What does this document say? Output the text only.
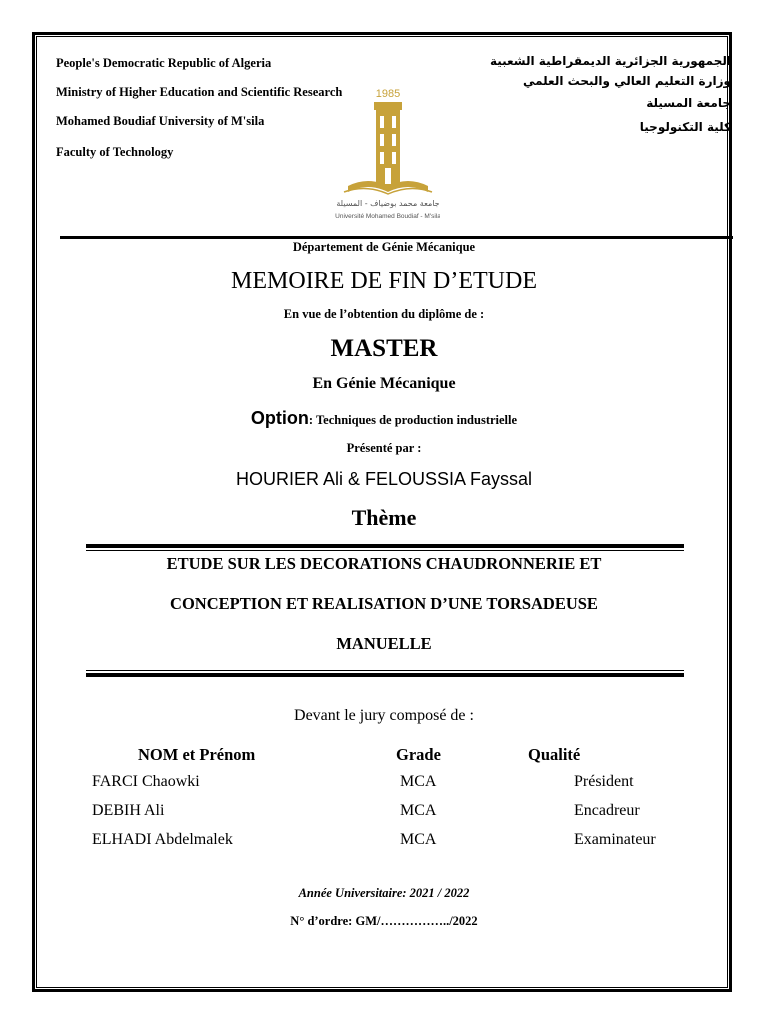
People's Democratic Republic of Algeria
Ministry of Higher Education and Scientific Research
Mohamed Boudiaf University of M'sila
Faculty of Technology
الجمهورية الجزائرية الديمقراطية الشعبية
وزارة التعليم العالي والبحث العلمي
جامعة المسيلة
كلية التكنولوجيا
1985
جامعة محمد بوضياف - المسيلة
Université Mohamed Boudiaf - M'sila
Département de Génie Mécanique
MEMOIRE DE FIN D’ETUDE
En vue de l’obtention du diplôme de :
MASTER
En Génie Mécanique
Option: Techniques de production industrielle
Présenté par :
HOURIER Ali & FELOUSSIA Fayssal
Thème
ETUDE SUR LES DECORATIONS CHAUDRONNERIE ET
CONCEPTION ET REALISATION D’UNE TORSADEUSE
MANUELLE
Devant le jury composé de :
NOM et Prénom	Grade	Qualité
FARCI Chaowki	MCA	Président
DEBIH Ali	MCA	Encadreur
ELHADI Abdelmalek	MCA	Examinateur
Année Universitaire: 2021 / 2022
N° d’ordre: GM/……………../2022
